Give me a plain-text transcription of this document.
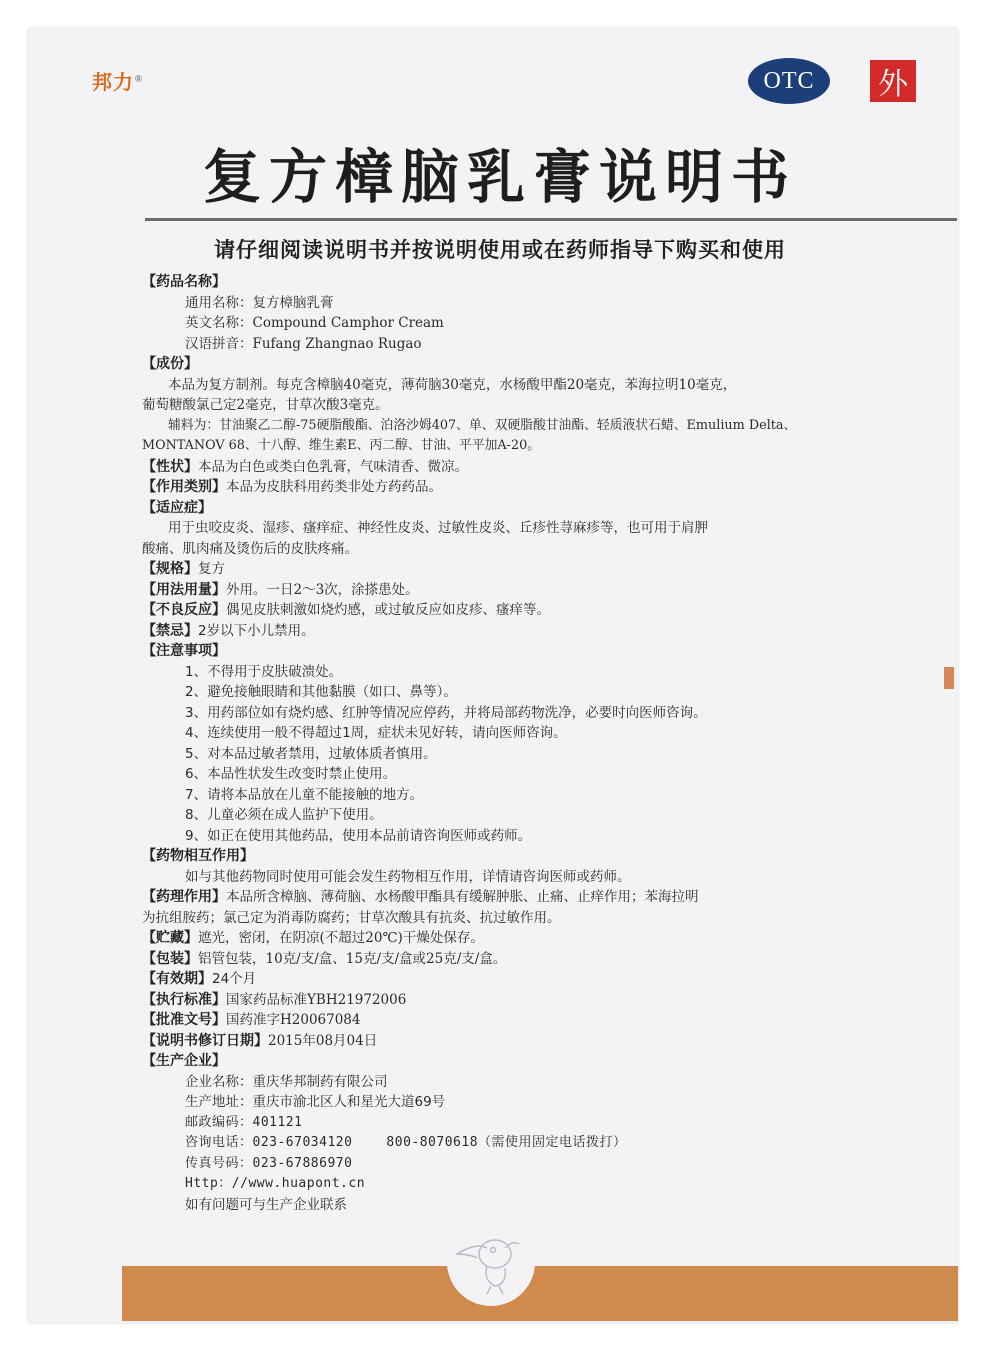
邦力®	OTC	外
复方樟脑乳膏说明书
请仔细阅读说明书并按说明使用或在药师指导下购买和使用
【药品名称】
通用名称：复方樟脑乳膏
英文名称：Compound Camphor Cream
汉语拼音：Fufang Zhangnao Rugao
【成份】
本品为复方制剂。每克含樟脑40毫克，薄荷脑30毫克，水杨酸甲酯20毫克，苯海拉明10毫克，
葡萄糖酸氯己定2毫克，甘草次酸3毫克。
辅料为：甘油聚乙二醇-75硬脂酸酯、泊洛沙姆407、单、双硬脂酸甘油酯、轻质液状石蜡、Emulium Delta、
MONTANOV 68、十八醇、维生素E、丙二醇、甘油、平平加A-20。
【性状】本品为白色或类白色乳膏，气味清香、微凉。
【作用类别】本品为皮肤科用药类非处方药药品。
【适应症】
用于虫咬皮炎、湿疹、瘙痒症、神经性皮炎、过敏性皮炎、丘疹性荨麻疹等，也可用于肩胛
酸痛、肌肉痛及烫伤后的皮肤疼痛。
【规格】复方
【用法用量】外用。一日2～3次，涂搽患处。
【不良反应】偶见皮肤刺激如烧灼感，或过敏反应如皮疹、瘙痒等。
【禁忌】2岁以下小儿禁用。
【注意事项】
1、不得用于皮肤破溃处。
2、避免接触眼睛和其他黏膜（如口、鼻等）。
3、用药部位如有烧灼感、红肿等情况应停药，并将局部药物洗净，必要时向医师咨询。
4、连续使用一般不得超过1周，症状未见好转，请向医师咨询。
5、对本品过敏者禁用，过敏体质者慎用。
6、本品性状发生改变时禁止使用。
7、请将本品放在儿童不能接触的地方。
8、儿童必须在成人监护下使用。
9、如正在使用其他药品，使用本品前请咨询医师或药师。
【药物相互作用】
如与其他药物同时使用可能会发生药物相互作用，详情请咨询医师或药师。
【药理作用】本品所含樟脑、薄荷脑、水杨酸甲酯具有缓解肿胀、止痛、止痒作用；苯海拉明
为抗组胺药；氯己定为消毒防腐药；甘草次酸具有抗炎、抗过敏作用。
【贮藏】遮光，密闭，在阴凉(不超过20℃)干燥处保存。
【包装】铝管包装，10克/支/盒、15克/支/盒或25克/支/盒。
【有效期】24个月
【执行标准】国家药品标准YBH21972006
【批准文号】国药准字H20067084
【说明书修订日期】2015年08月04日
【生产企业】
企业名称：重庆华邦制药有限公司
生产地址：重庆市渝北区人和星光大道69号
邮政编码：401121
咨询电话：023-67034120	800-8070618（需使用固定电话拨打）
传真号码：023-67886970
Http：//www.huapont.cn
如有问题可与生产企业联系
